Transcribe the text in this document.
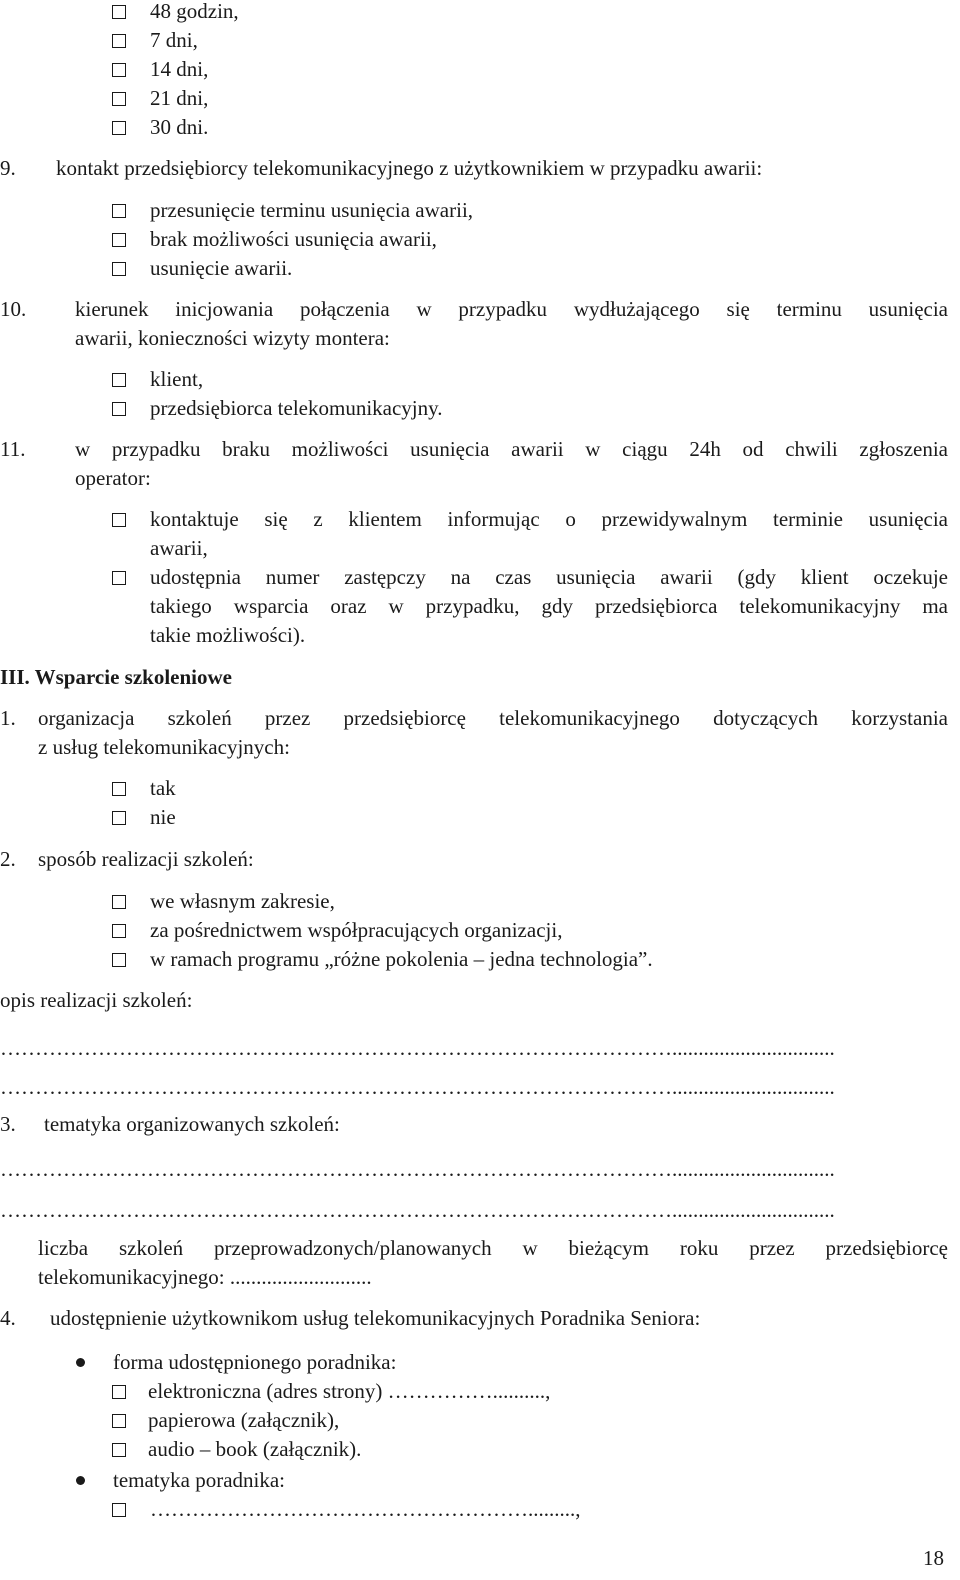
48 godzin,
7 dni,
14 dni,
21 dni,
30 dni.
9. kontakt przedsiębiorcy telekomunikacyjnego z użytkownikiem w przypadku awarii:
przesunięcie terminu usunięcia awarii,
brak możliwości usunięcia awarii,
usunięcie awarii.
10. kierunek inicjowania połączenia w przypadku wydłużającego się terminu usunięcia
awarii, konieczności wizyty montera:
klient,
przedsiębiorca telekomunikacyjny.
11. w przypadku braku możliwości usunięcia awarii w ciągu 24h od chwili zgłoszenia
operator:
kontaktuje się z klientem informując o przewidywalnym terminie usunięcia
awarii,
udostępnia numer zastępczy na czas usunięcia awarii (gdy klient oczekuje
takiego wsparcia oraz w przypadku, gdy przedsiębiorca telekomunikacyjny ma
takie możliwości).
III. Wsparcie szkoleniowe
1. organizacja szkoleń przez przedsiębiorcę telekomunikacyjnego dotyczących korzystania
z usług telekomunikacyjnych:
tak
nie
2. sposób realizacji szkoleń:
we własnym zakresie,
za pośrednictwem współpracujących organizacji,
w ramach programu „różne pokolenia – jedna technologia”.
opis realizacji szkoleń:
……………………………………………………………………………………...............................
……………………………………………………………………………………...............................
3. tematyka organizowanych szkoleń:
……………………………………………………………………………………...............................
……………………………………………………………………………………...............................
liczba szkoleń przeprowadzonych/planowanych w bieżącym roku przez przedsiębiorcę
telekomunikacyjnego: ...........................
4. udostępnienie użytkownikom usług telekomunikacyjnych Poradnika Seniora:
forma udostępnionego poradnika:
elektroniczna (adres strony) ……………..........,
papierowa (załącznik),
audio – book (załącznik).
tematyka poradnika:
……………………………………………….........,
18
